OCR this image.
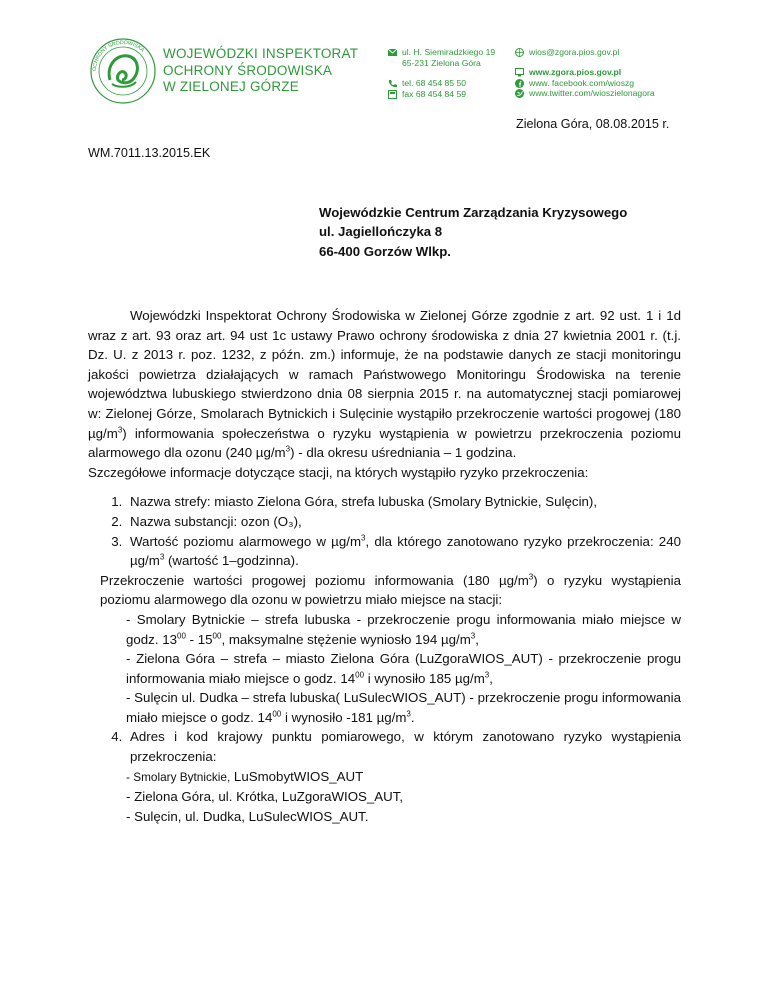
OCHRONY ŚRODOWISKA WOJEWÓDZKI INSPEKTORAT
OCHRONY ŚRODOWISKA
W ZIELONEJ GÓRZE
ul. H. Siemiradzkiego 19
65-231 Zielona Góra
tel. 68 454 85 50
fax 68 454 84 59
wios@zgora.pios.gov.pl
www.zgora.pios.gov.pl
www. facebook.com/wioszg
www.twitter.com/wioszielonagora
Zielona Góra, 08.08.2015 r.
WM.7011.13.2015.EK
Wojewódzkie Centrum Zarządzania Kryzysowego
ul. Jagiellończyka 8
66-400 Gorzów Wlkp.

Wojewódzki Inspektorat Ochrony Środowiska w Zielonej Górze zgodnie z art. 92 ust. 1 i 1d wraz z art. 93 oraz art. 94 ust 1c ustawy Prawo ochrony środowiska z dnia 27 kwietnia 2001 r. (t.j. Dz. U. z 2013 r. poz. 1232, z późn. zm.) informuje, że na podstawie danych ze stacji monitoringu jakości powietrza działających w ramach Państwowego Monitoringu Środowiska na terenie województwa lubuskiego stwierdzono dnia 08 sierpnia 2015 r. na automatycznej stacji pomiarowej w: Zielonej Górze, Smolarach Bytnickich i Sulęcinie wystąpiło przekroczenie wartości progowej (180 $\mu g/m^3$) informowania społeczeństwa o ryzyku wystąpienia w powietrzu przekroczenia poziomu alarmowego dla ozonu (240 $\mu g/m^3$) - dla okresu uśredniania – 1 godzina.

Szczegółowe informacje dotyczące stacji, na których wystąpiło ryzyko przekroczenia:

1. Nazwa strefy: miasto Zielona Góra, strefa lubuska (Smolary Bytnickie, Sulęcin),
2. Nazwa substancji: ozon (O₃),
3. Wartość poziomu alarmowego w $\mu g/m^3$, dla którego zanotowano ryzyko przekroczenia: 240 $\mu g/m^3$ (wartość 1–godzinna).

Przekroczenie wartości progowej poziomu informowania (180 $\mu g/m^3$) o ryzyku wystąpienia poziomu alarmowego dla ozonu w powietrzu miało miejsce na stacji:

- Smolary Bytnickie – strefa lubuska - przekroczenie progu informowania miało miejsce w godz. $13^{00} - 15^{00}$, maksymalne stężenie wyniosło 194 $\mu g/m^3$,

- Zielona Góra – strefa – miasto Zielona Góra (LuZgoraWIOS_AUT) - przekroczenie progu informowania miało miejsce o godz. $14^{00}$ i wynosiło 185 $\mu g/m^3$,

- Sulęcin ul. Dudka – strefa lubuska( LuSulecWIOS_AUT) - przekroczenie progu informowania miało miejsce o godz. $14^{00}$ i wynosiło -181 $\mu g/m^3$.

4. Adres i kod krajowy punktu pomiarowego, w którym zanotowano ryzyko wystąpienia przekroczenia:

- Smolary Bytnickie, LuSmobytWIOS_AUT

- Zielona Góra, ul. Krótka, LuZgoraWIOS_AUT,

- Sulęcin, ul. Dudka, LuSulecWIOS_AUT.
